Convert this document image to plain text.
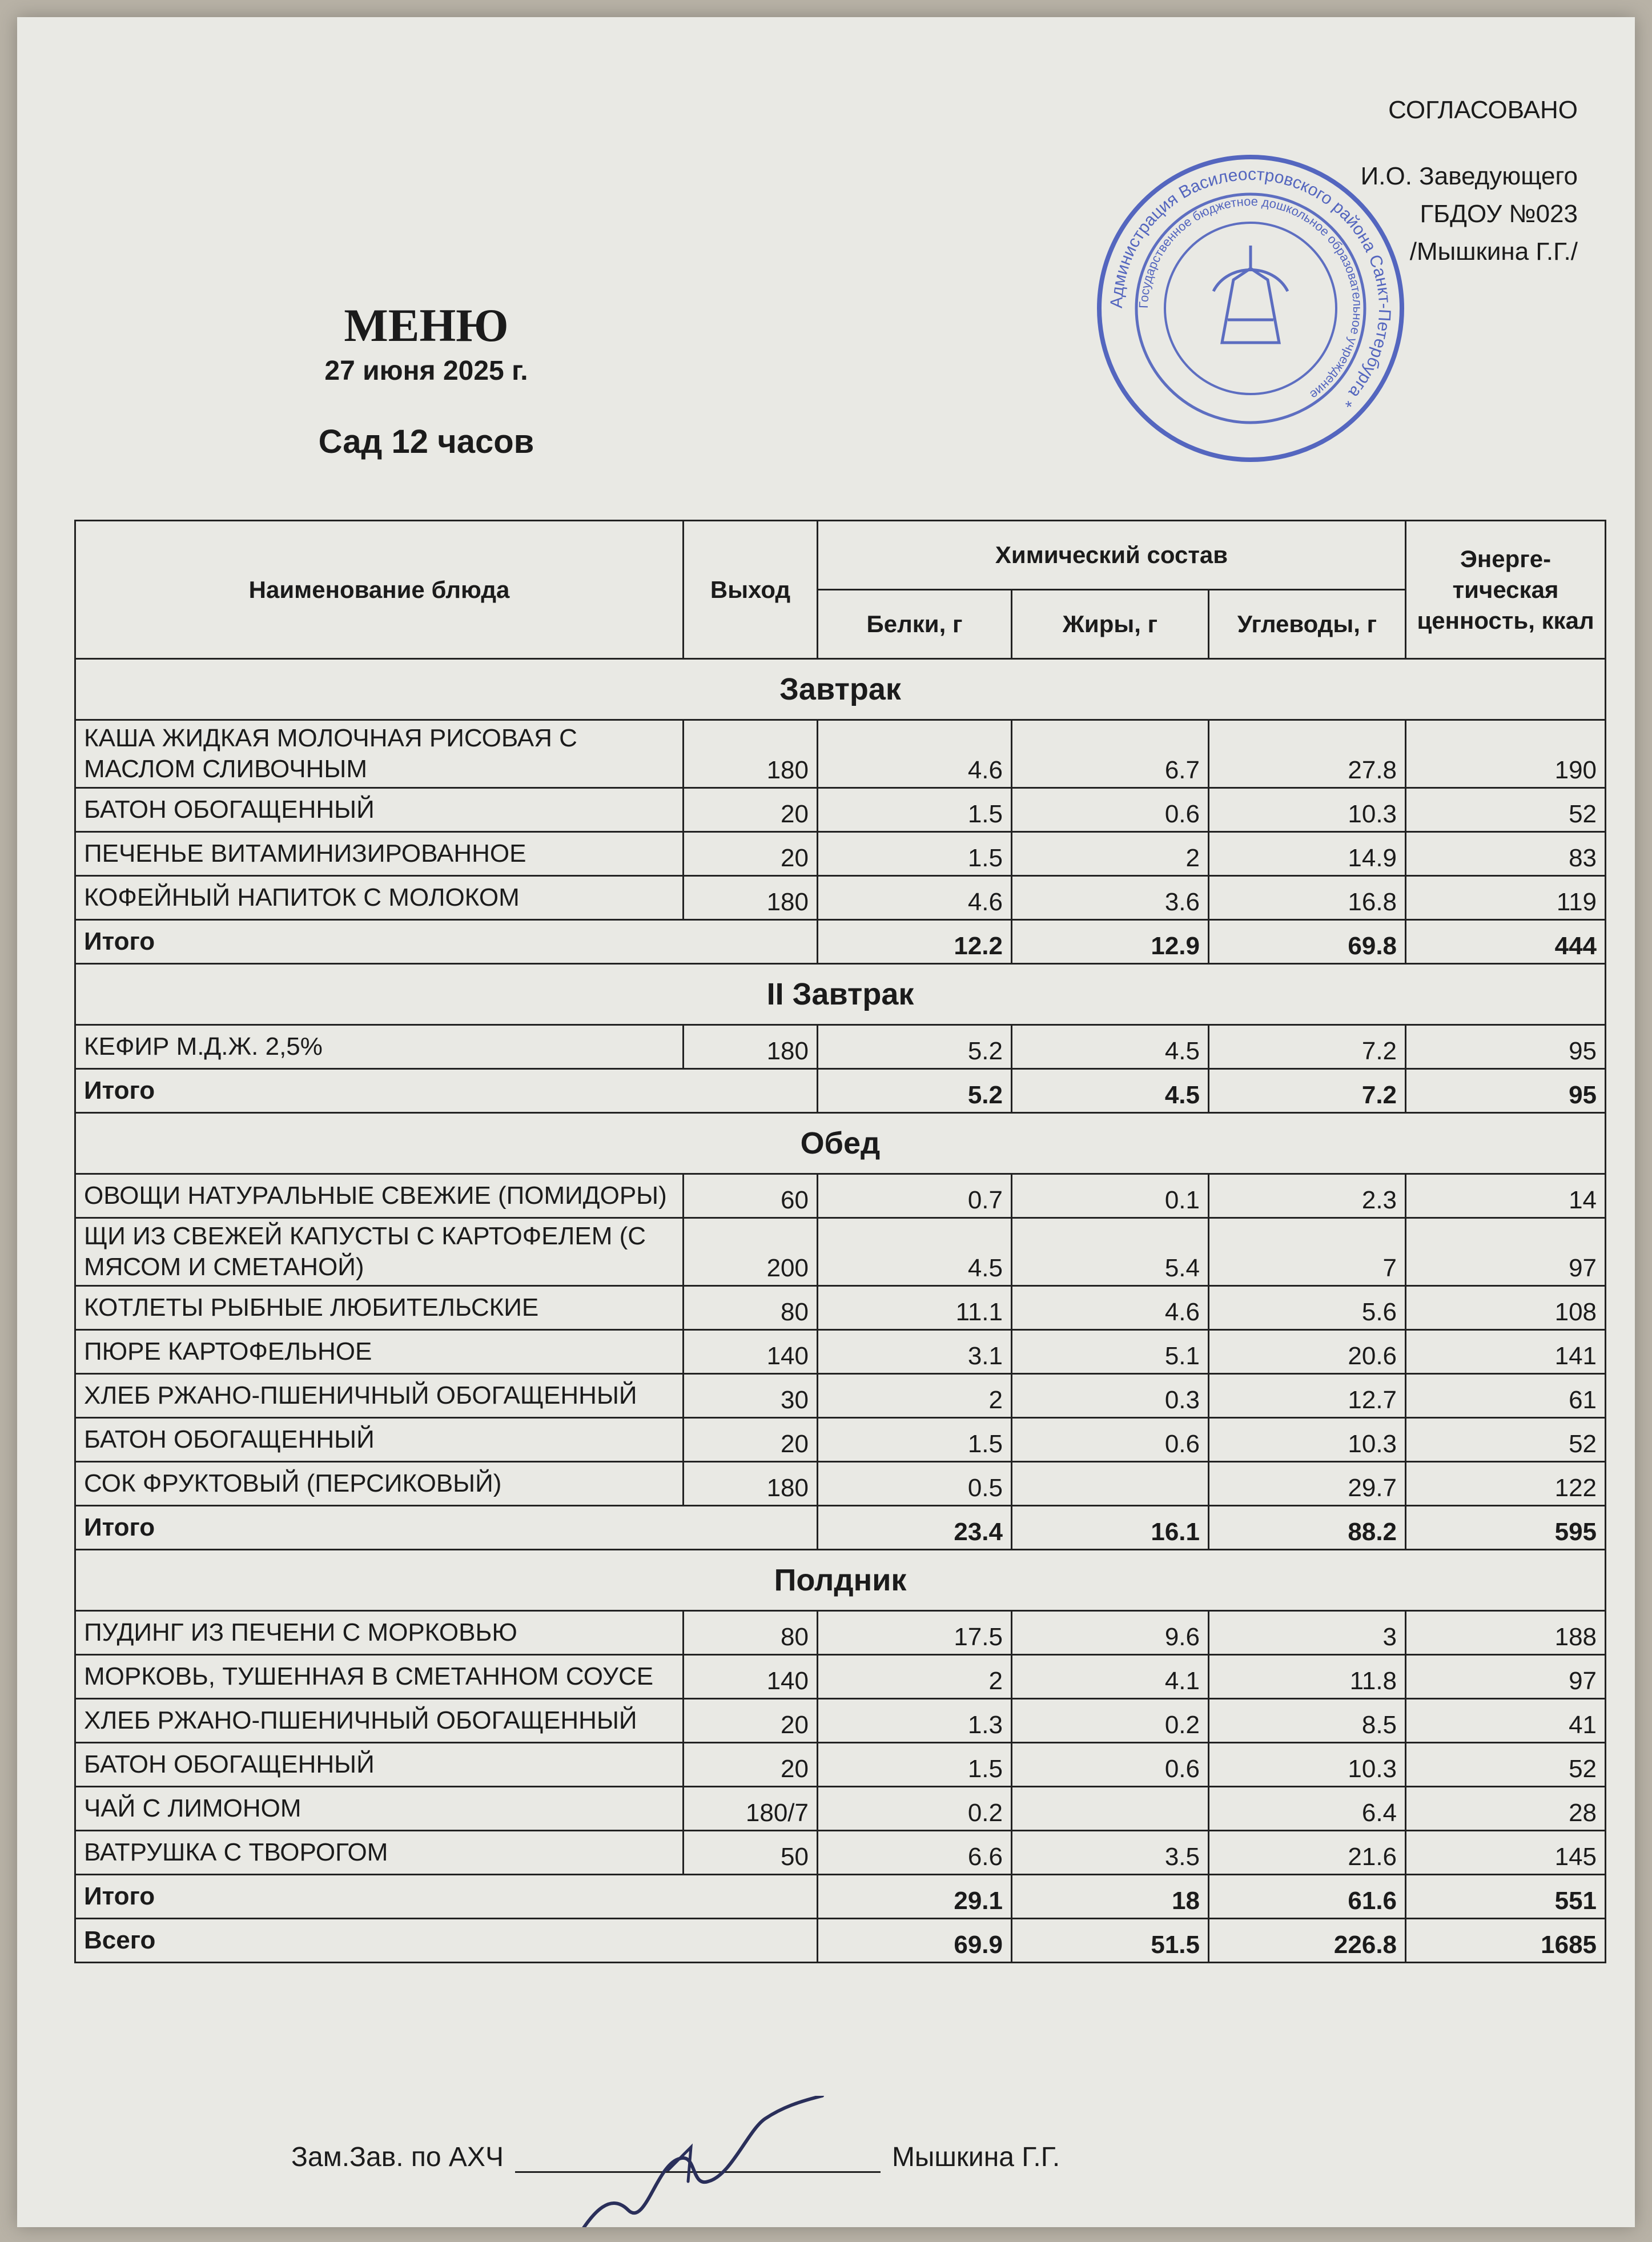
СОГЛАСОВАНО
И.О. Заведующего
ГБДОУ №023
/Мышкина Г.Г./
Администрация Василеостровского района Санкт-Петербурга *
Государственное бюджетное дошкольное образовательное учреждение
МЕНЮ
27 июня 2025 г.
Сад 12 часов
Наименование блюда	Выход	Химический состав			Энерге-тическая ценность, ккал
		Белки, г	Жиры, г	Углеводы, г	
Завтрак					
КАША ЖИДКАЯ МОЛОЧНАЯ РИСОВАЯ С МАСЛОМ СЛИВОЧНЫМ	180	4.6	6.7	27.8	190
БАТОН ОБОГАЩЕННЫЙ	20	1.5	0.6	10.3	52
ПЕЧЕНЬЕ ВИТАМИНИЗИРОВАННОЕ	20	1.5	2	14.9	83
КОФЕЙНЫЙ НАПИТОК С МОЛОКОМ	180	4.6	3.6	16.8	119
Итого		12.2	12.9	69.8	444
II Завтрак					
КЕФИР М.Д.Ж. 2,5%	180	5.2	4.5	7.2	95
Итого		5.2	4.5	7.2	95
Обед					
ОВОЩИ НАТУРАЛЬНЫЕ СВЕЖИЕ (ПОМИДОРЫ)	60	0.7	0.1	2.3	14
ЩИ ИЗ СВЕЖЕЙ КАПУСТЫ С КАРТОФЕЛЕМ (С МЯСОМ И СМЕТАНОЙ)	200	4.5	5.4	7	97
КОТЛЕТЫ РЫБНЫЕ ЛЮБИТЕЛЬСКИЕ	80	11.1	4.6	5.6	108
ПЮРЕ КАРТОФЕЛЬНОЕ	140	3.1	5.1	20.6	141
ХЛЕБ РЖАНО-ПШЕНИЧНЫЙ ОБОГАЩЕННЫЙ	30	2	0.3	12.7	61
БАТОН ОБОГАЩЕННЫЙ	20	1.5	0.6	10.3	52
СОК ФРУКТОВЫЙ (ПЕРСИКОВЫЙ)	180	0.5		29.7	122
Итого		23.4	16.1	88.2	595
Полдник					
ПУДИНГ ИЗ ПЕЧЕНИ С МОРКОВЬЮ	80	17.5	9.6	3	188
МОРКОВЬ, ТУШЕННАЯ В СМЕТАННОМ СОУСЕ	140	2	4.1	11.8	97
ХЛЕБ РЖАНО-ПШЕНИЧНЫЙ ОБОГАЩЕННЫЙ	20	1.3	0.2	8.5	41
БАТОН ОБОГАЩЕННЫЙ	20	1.5	0.6	10.3	52
ЧАЙ С ЛИМОНОМ	180/7	0.2		6.4	28
ВАТРУШКА С ТВОРОГОМ	50	6.6	3.5	21.6	145
Итого		29.1	18	61.6	551
Всего		69.9	51.5	226.8	1685
Зам.Зав. по АХЧ	Мышкина Г.Г.
